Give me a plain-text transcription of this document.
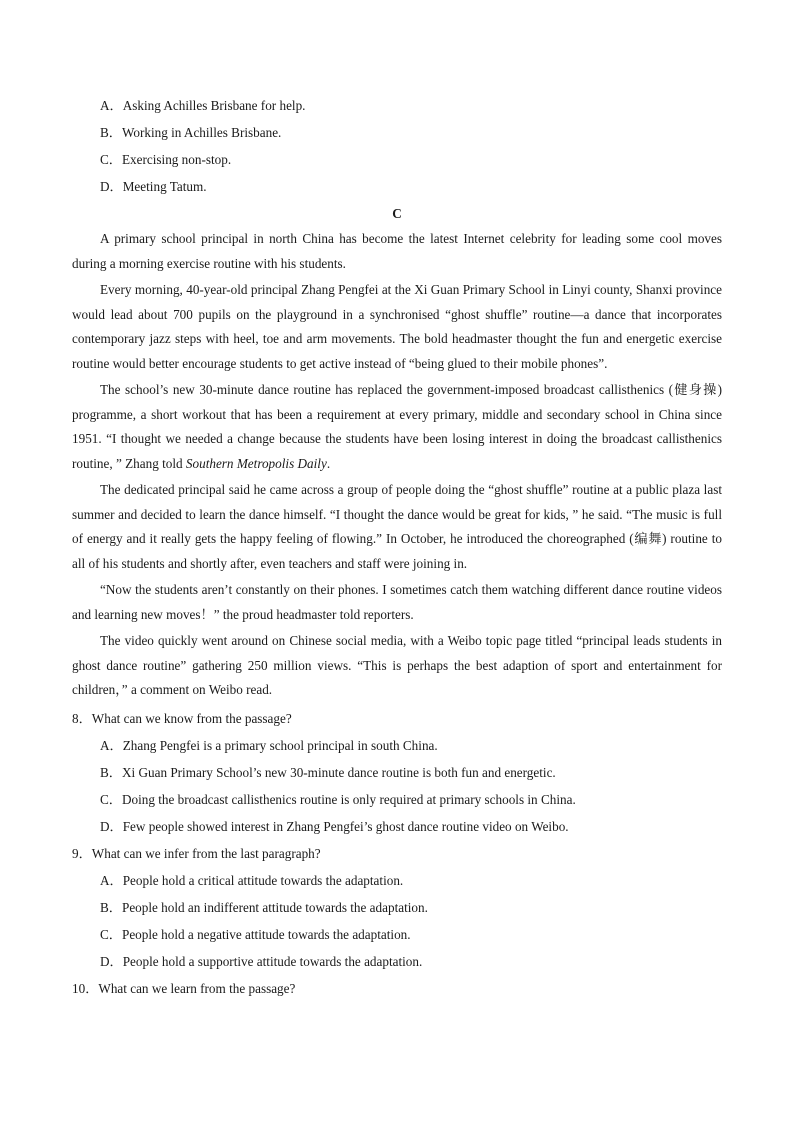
A．Asking Achilles Brisbane for help.
B．Working in Achilles Brisbane.
C．Exercising non-stop.
D．Meeting Tatum.
C

A primary school principal in north China has become the latest Internet celebrity for leading some cool moves during a morning exercise routine with his students.

Every morning, 40-year-old principal Zhang Pengfei at the Xi Guan Primary School in Linyi county, Shanxi province would lead about 700 pupils on the playground in a synchronised “ghost shuffle” routine—a dance that incorporates contemporary jazz steps with heel, toe and arm movements. The bold headmaster thought the fun and energetic exercise routine would better encourage students to get active instead of “being glued to their mobile phones”.

The school’s new 30-minute dance routine has replaced the government-imposed broadcast callisthenics (健身操) programme, a short workout that has been a requirement at every primary, middle and secondary school in China since 1951. “I thought we needed a change because the students have been losing interest in doing the broadcast callisthenics routine, ” Zhang told Southern Metropolis Daily.

The dedicated principal said he came across a group of people doing the “ghost shuffle” routine at a public plaza last summer and decided to learn the dance himself. “I thought the dance would be great for kids, ” he said. “The music is full of energy and it really gets the happy feeling of flowing.” In October, he introduced the choreographed (编舞) routine to all of his students and shortly after, even teachers and staff were joining in.

“Now the students aren’t constantly on their phones. I sometimes catch them watching different dance routine videos and learning new moves！” the proud headmaster told reporters.

The video quickly went around on Chinese social media, with a Weibo topic page titled “principal leads students in ghost dance routine” gathering 250 million views. “This is perhaps the best adaption of sport and entertainment for children，” a comment on Weibo read.

8．What can we know from the passage?
A．Zhang Pengfei is a primary school principal in south China.
B．Xi Guan Primary School’s new 30-minute dance routine is both fun and energetic.
C．Doing the broadcast callisthenics routine is only required at primary schools in China.
D．Few people showed interest in Zhang Pengfei’s ghost dance routine video on Weibo.
9．What can we infer from the last paragraph?
A．People hold a critical attitude towards the adaptation.
B．People hold an indifferent attitude towards the adaptation.
C．People hold a negative attitude towards the adaptation.
D．People hold a supportive attitude towards the adaptation.
10．What can we learn from the passage?
